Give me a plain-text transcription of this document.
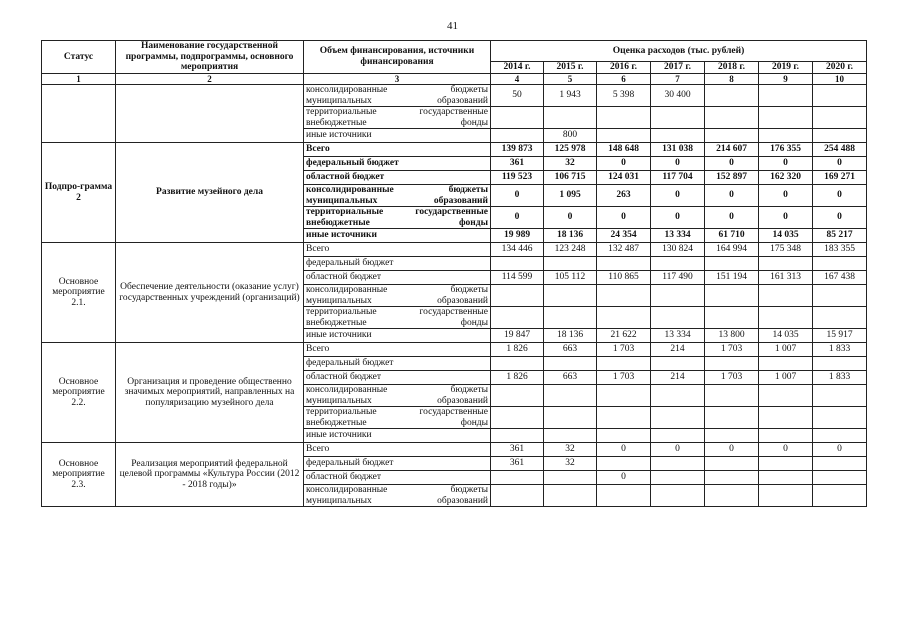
41
Статус	Наименование государственной программы, подпрограммы, основного мероприятия	Объем финансирования, источники финансирования	Оценка расходов (тыс. рублей)						
			2014 г.	2015 г.	2016 г.	2017 г.	2018 г.	2019 г.	2020 г.
1	2	3	4	5	6	7	8	9	10
		консолидированные бюджеты муниципальных образований	50	1 943	5 398	30 400			
		территориальные государственные внебюджетные фонды							
		иные источники		800					
Подпро-грамма 2	Развитие музейного дела	Всего	139 873	125 978	148 648	131 038	214 607	176 355	254 488
		федеральный бюджет	361	32	0	0	0	0	0
		областной бюджет	119 523	106 715	124 031	117 704	152 897	162 320	169 271
		консолидированные бюджеты муниципальных образований	0	1 095	263	0	0	0	0
		территориальные государственные внебюджетные фонды	0	0	0	0	0	0	0
		иные источники	19 989	18 136	24 354	13 334	61 710	14 035	85 217
Основное мероприятие 2.1.	Обеспечение деятельности (оказание услуг) государственных учреждений (организаций)	Всего	134 446	123 248	132 487	130 824	164 994	175 348	183 355
		федеральный бюджет							
		областной бюджет	114 599	105 112	110 865	117 490	151 194	161 313	167 438
		консолидированные бюджеты муниципальных образований							
		территориальные государственные внебюджетные фонды							
		иные источники	19 847	18 136	21 622	13 334	13 800	14 035	15 917
Основное мероприятие 2.2.	Организация и проведение общественно значимых мероприятий, направленных на популяризацию музейного дела	Всего	1 826	663	1 703	214	1 703	1 007	1 833
		федеральный бюджет							
		областной бюджет	1 826	663	1 703	214	1 703	1 007	1 833
		консолидированные бюджеты муниципальных образований							
		территориальные государственные внебюджетные фонды							
		иные источники							
Основное мероприятие 2.3.	Реализация мероприятий федеральной целевой программы «Культура России (2012 - 2018 годы)»	Всего	361	32	0	0	0	0	0
		федеральный бюджет	361	32					
		областной бюджет			0				
		консолидированные бюджеты муниципальных образований							
